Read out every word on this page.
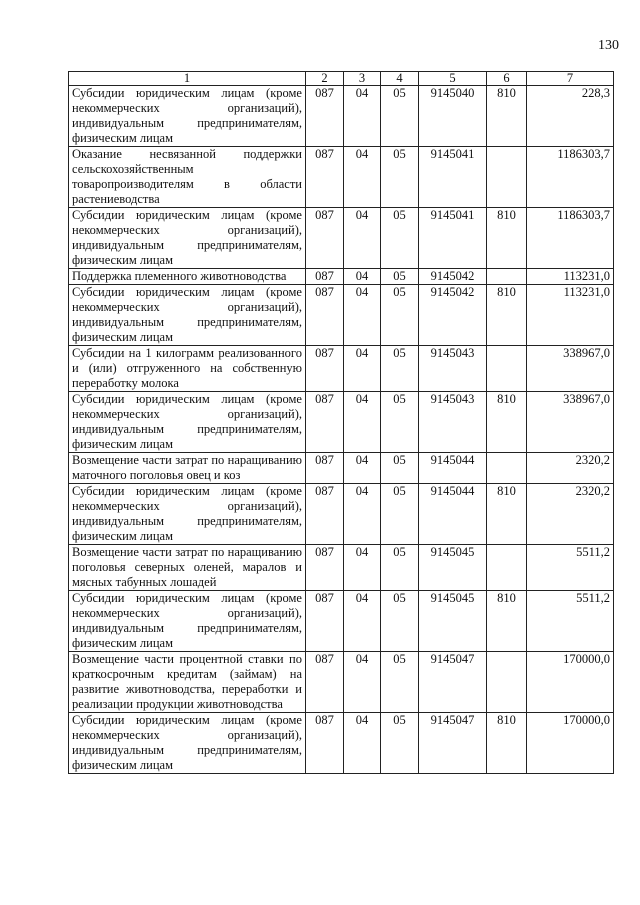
130
1	2	3	4	5	6	7
Субсидии юридическим лицам (кроме некоммерческих организаций), индивидуальным предпринимателям, физическим лицам	087	04	05	9145040	810	228,3
Оказание несвязанной поддержки сельскохозяйственным товаропроизводителям в области растениеводства	087	04	05	9145041		1186303,7
Субсидии юридическим лицам (кроме некоммерческих организаций), индивидуальным предпринимателям, физическим лицам	087	04	05	9145041	810	1186303,7
Поддержка племенного животноводства	087	04	05	9145042		113231,0
Субсидии юридическим лицам (кроме некоммерческих организаций), индивидуальным предпринимателям, физическим лицам	087	04	05	9145042	810	113231,0
Субсидии на 1 килограмм реализованного и (или) отгруженного на собственную переработку молока	087	04	05	9145043		338967,0
Субсидии юридическим лицам (кроме некоммерческих организаций), индивидуальным предпринимателям, физическим лицам	087	04	05	9145043	810	338967,0
Возмещение части затрат по наращиванию маточного поголовья овец и коз	087	04	05	9145044		2320,2
Субсидии юридическим лицам (кроме некоммерческих организаций), индивидуальным предпринимателям, физическим лицам	087	04	05	9145044	810	2320,2
Возмещение части затрат по наращиванию поголовья северных оленей, маралов и мясных табунных лошадей	087	04	05	9145045		5511,2
Субсидии юридическим лицам (кроме некоммерческих организаций), индивидуальным предпринимателям, физическим лицам	087	04	05	9145045	810	5511,2
Возмещение части процентной ставки по краткосрочным кредитам (займам) на развитие животноводства, переработки и реализации продукции животноводства	087	04	05	9145047		170000,0
Субсидии юридическим лицам (кроме некоммерческих организаций), индивидуальным предпринимателям, физическим лицам	087	04	05	9145047	810	170000,0
